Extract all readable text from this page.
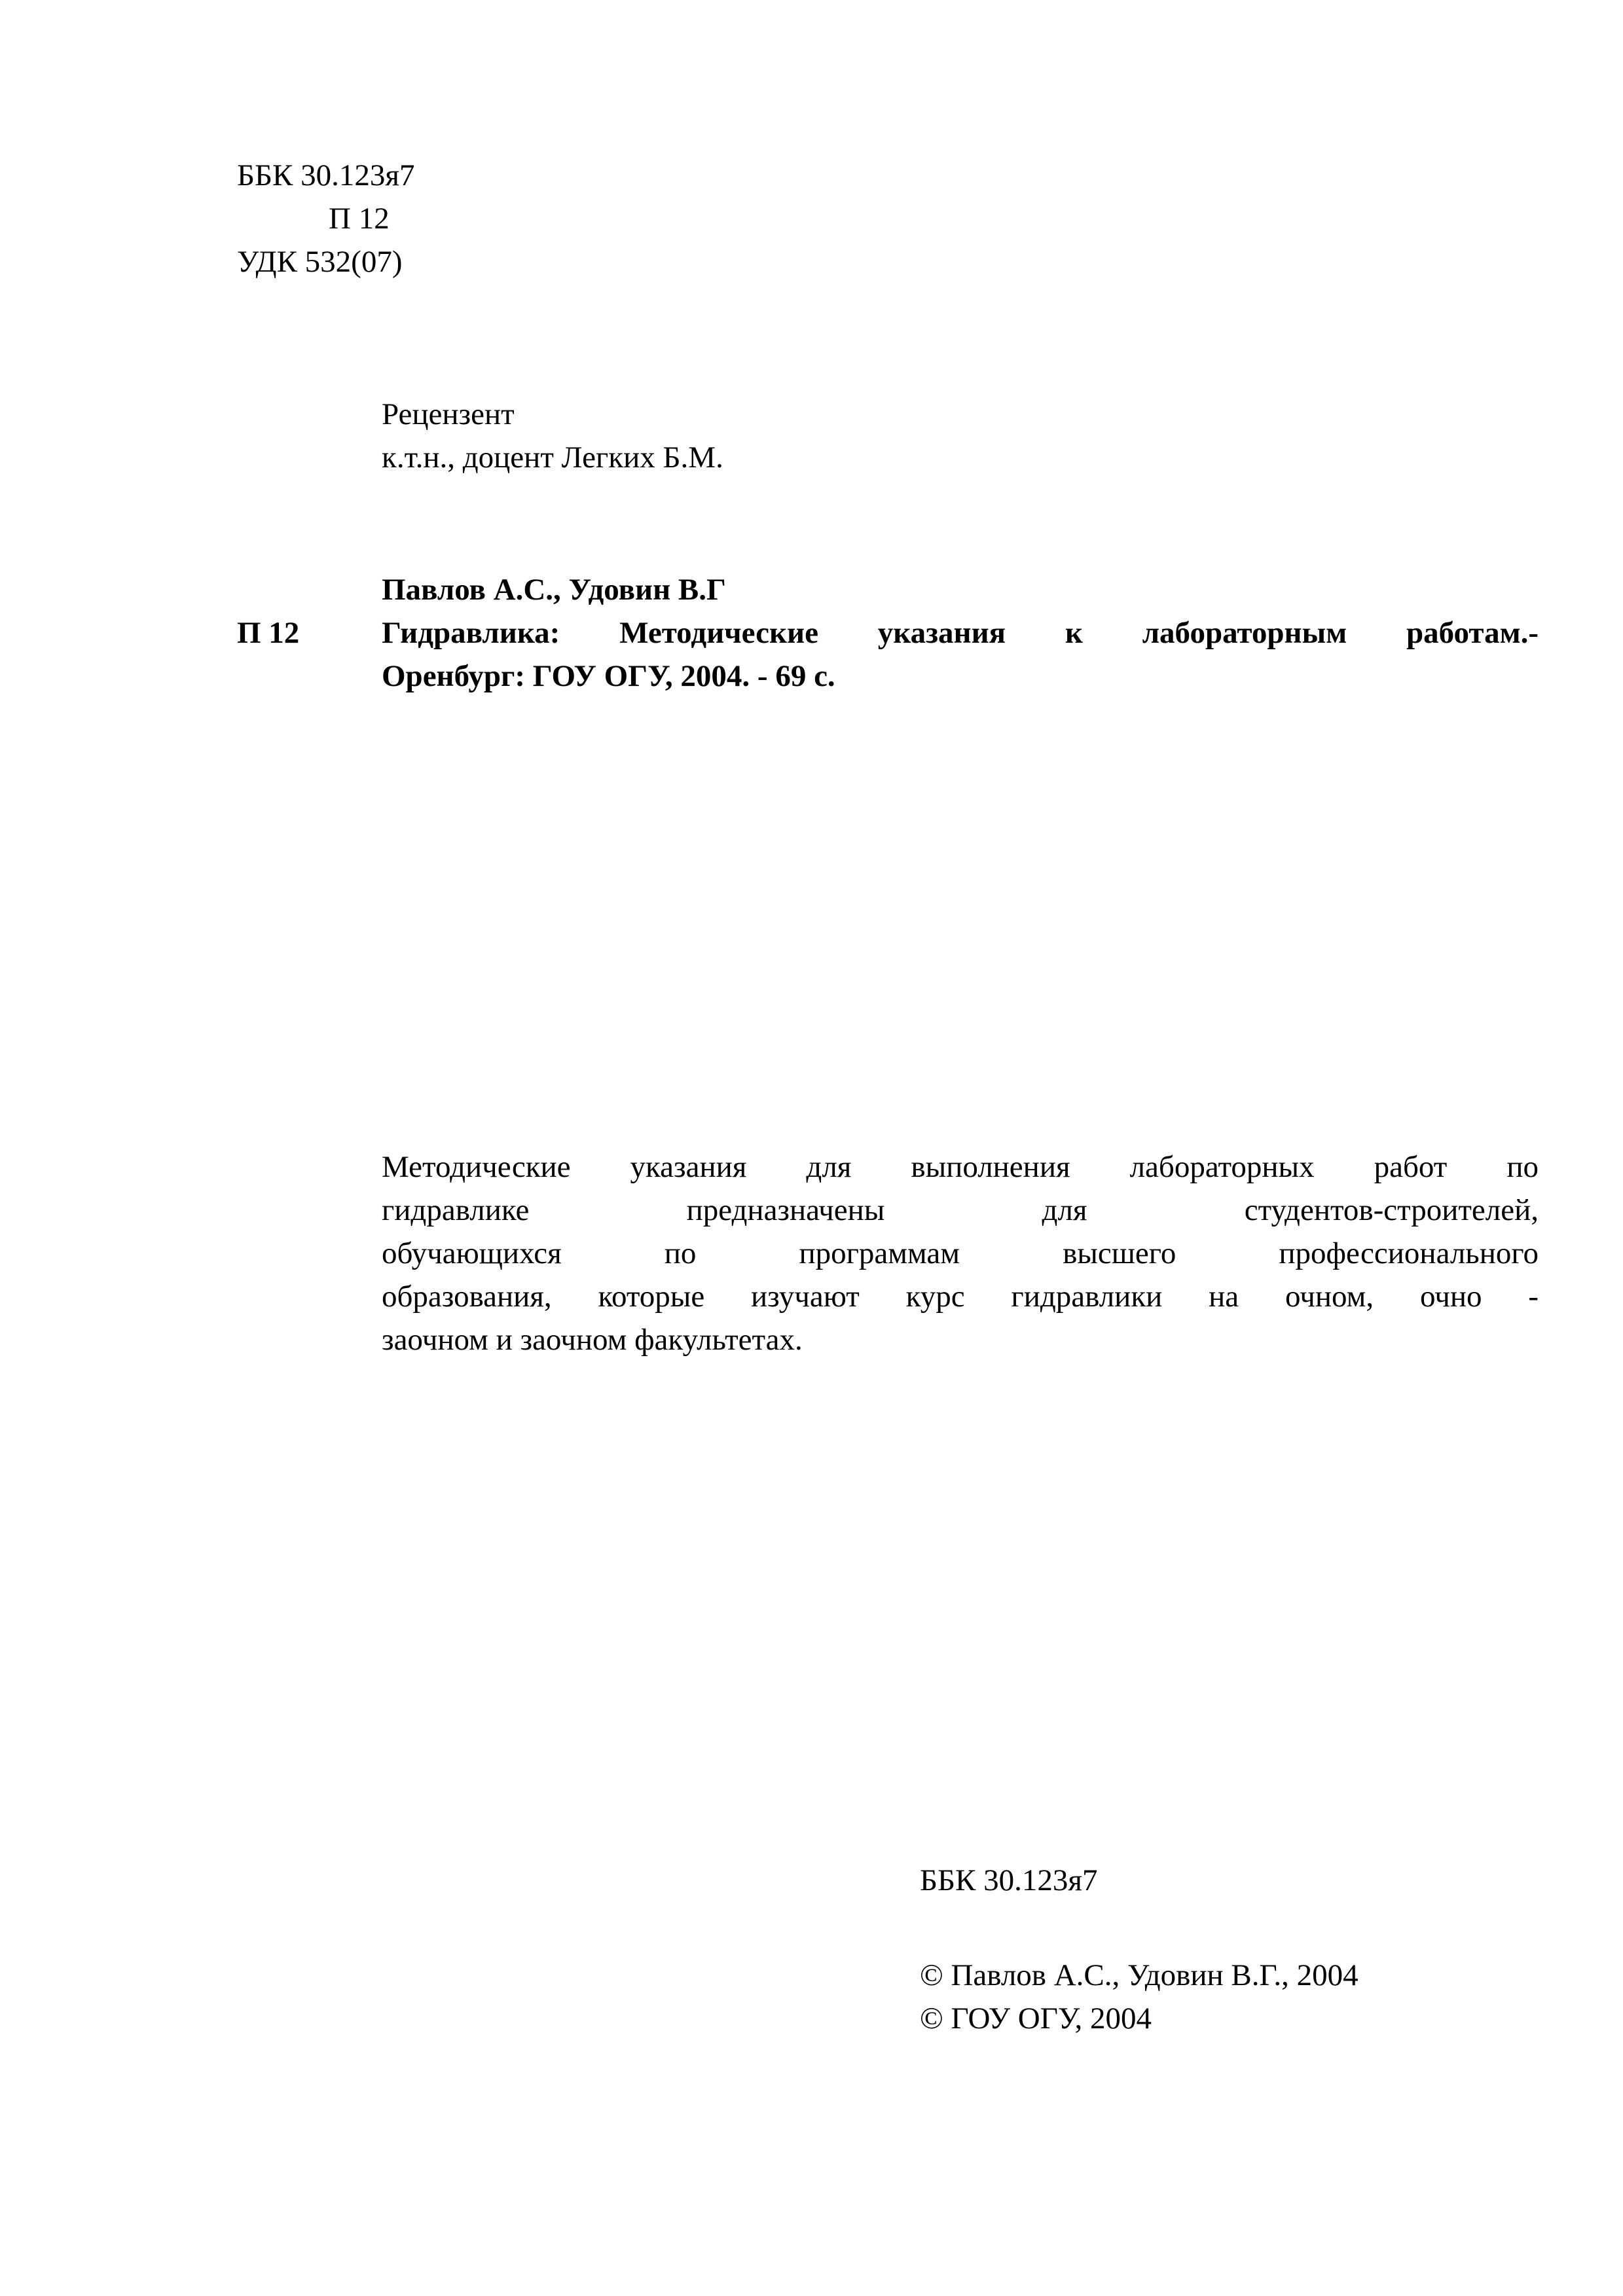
ББК 30.123я7
П 12
УДК 532(07)
Рецензент
к.т.н., доцент Легких Б.М.
П 12
Павлов А.С., Удовин В.Г
Гидравлика: Методические указания к лабораторным работам.-
Оренбург: ГОУ ОГУ, 2004. - 69 с.
Методические указания для выполнения лабораторных работ по
гидравлике предназначены для студентов-строителей,
обучающихся по программам высшего профессионального
образования, которые изучают курс гидравлики на очном, очно -
заочном и заочном факультетах.
ББК 30.123я7
© Павлов А.С., Удовин В.Г., 2004
© ГОУ ОГУ, 2004
